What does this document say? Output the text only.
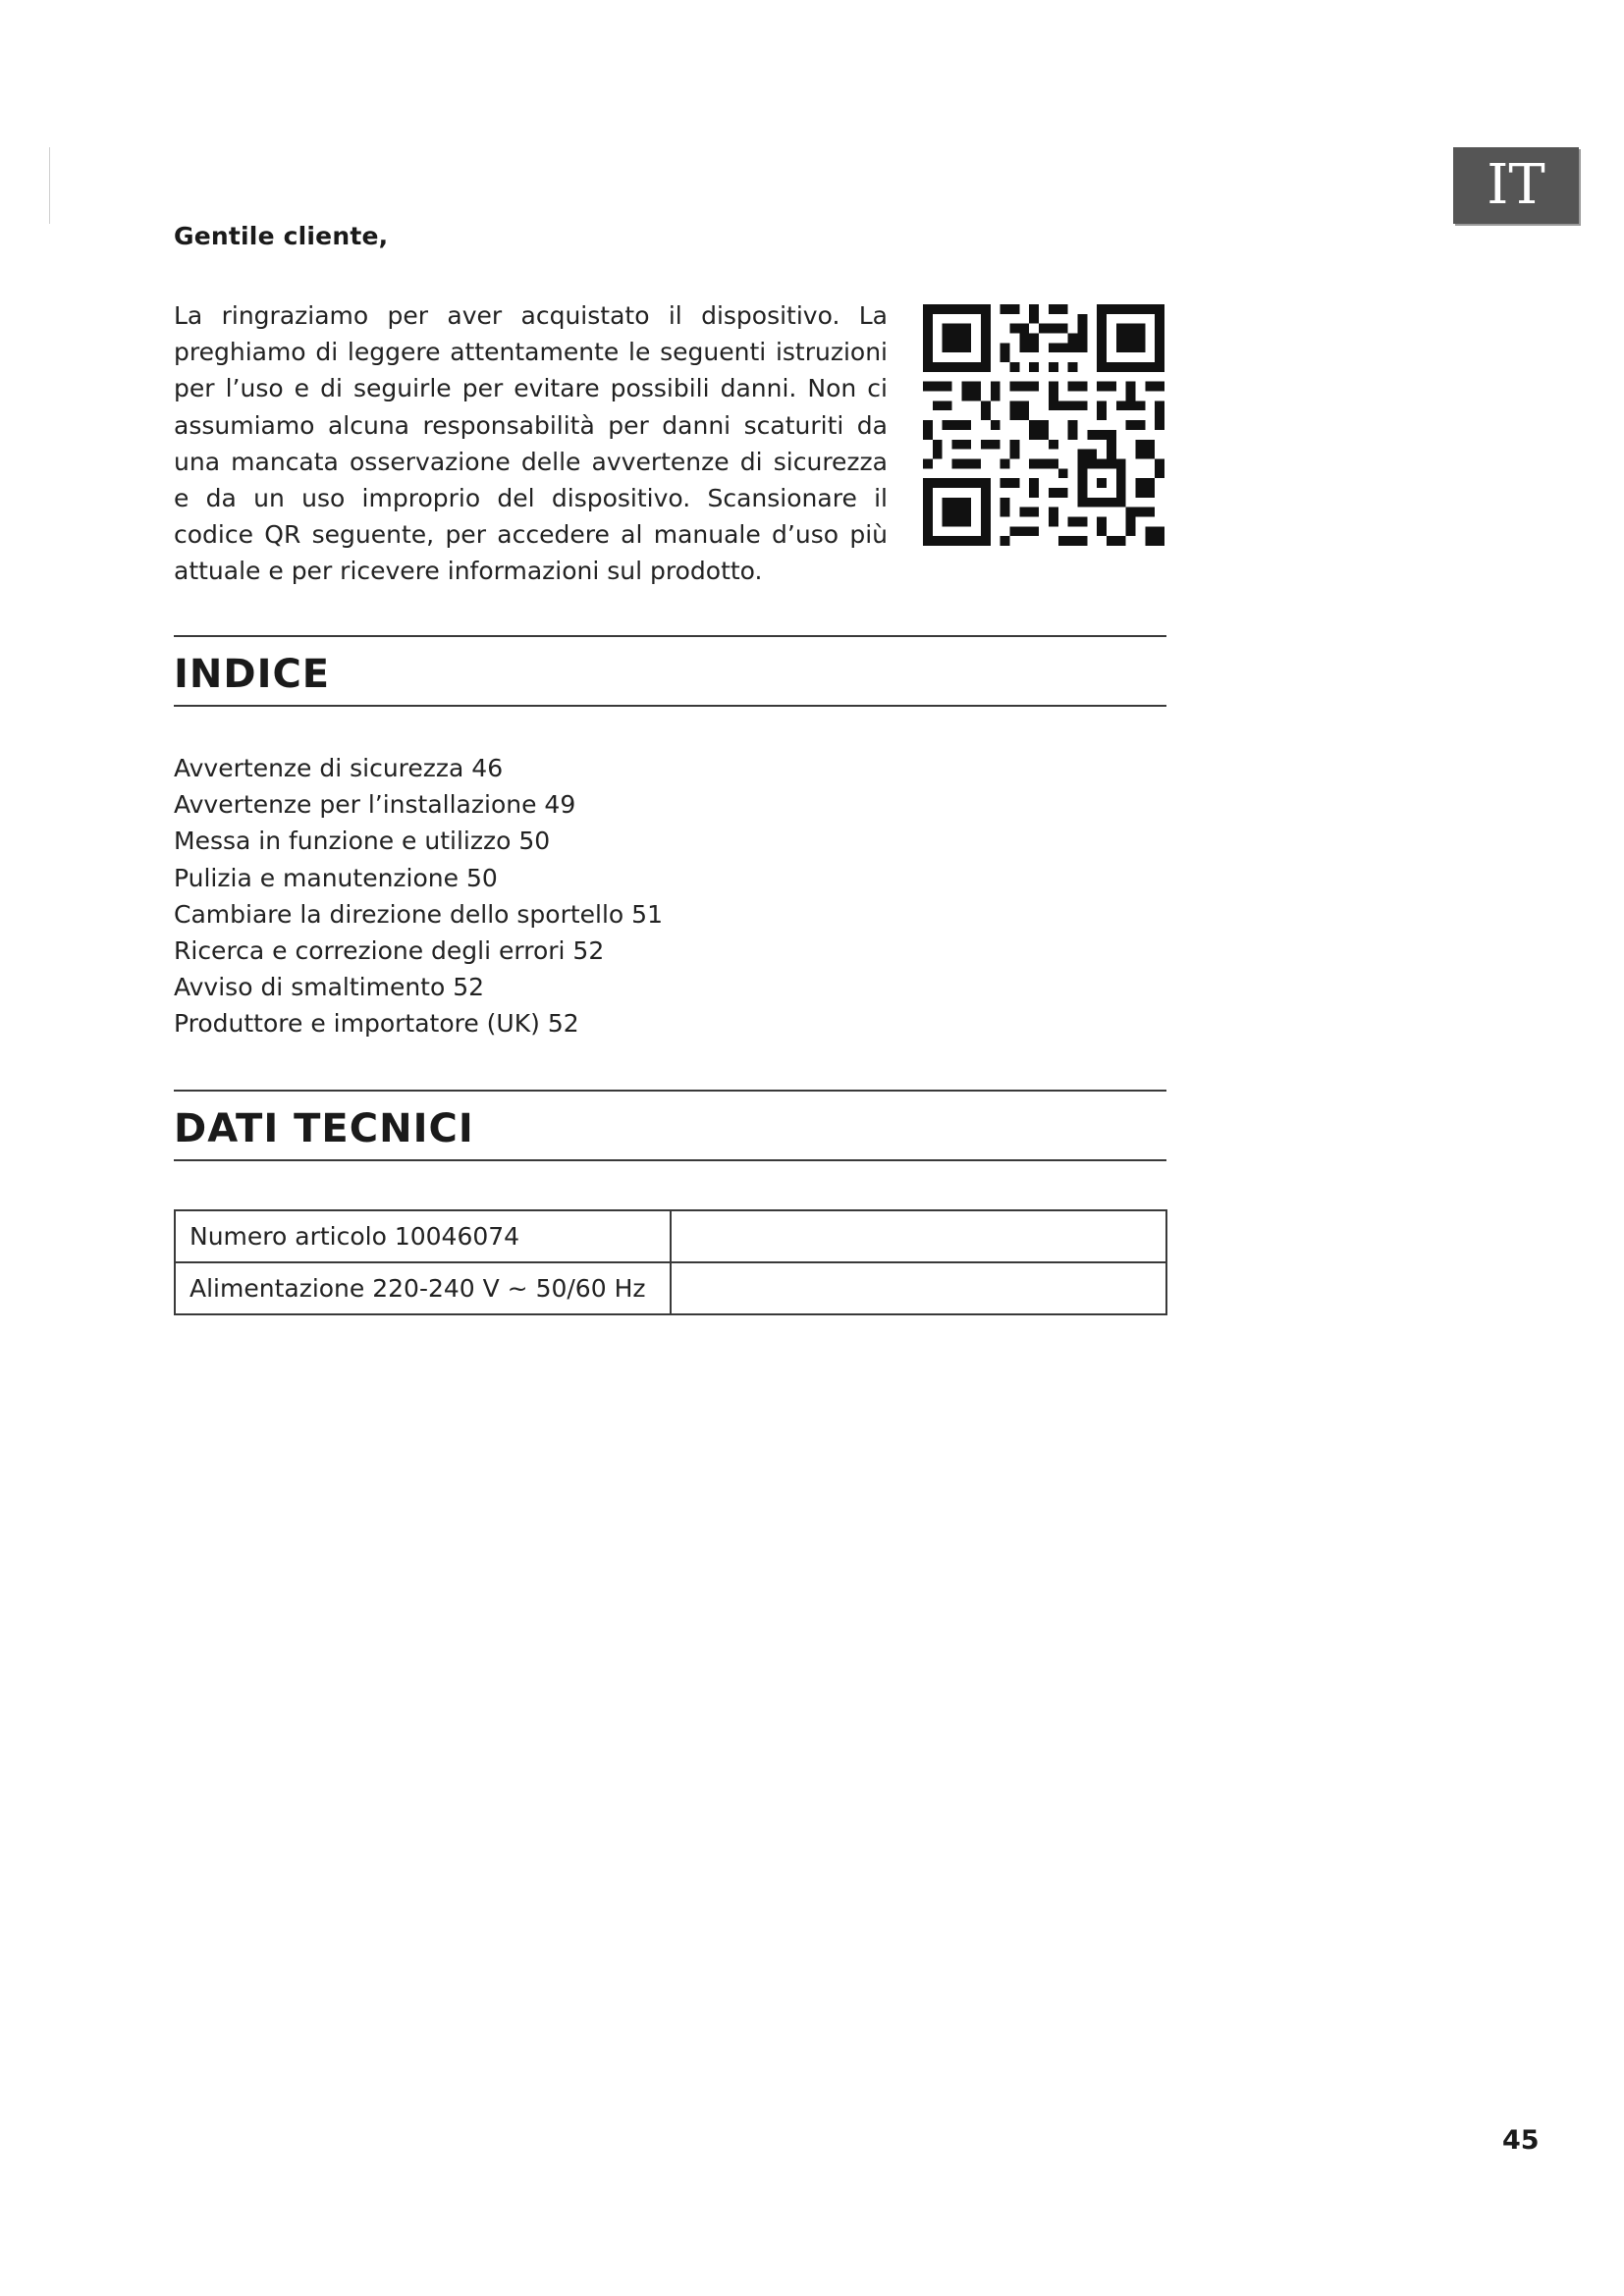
IT
Gentile cliente,

La ringraziamo per aver acquistato il dispositivo. La preghiamo di leggere attentamente le seguenti istruzioni per l’uso e di seguirle per evitare possibili danni. Non ci assumiamo alcuna responsabilità per danni scaturiti da una mancata osservazione delle avvertenze di sicurezza e da un uso improprio del dispositivo. Scansionare il codice QR seguente, per accedere al manuale d’uso più attuale e per ricevere informazioni sul prodotto.

INDICE
Avvertenze di sicurezza 46
Avvertenze per l’installazione 49
Messa in funzione e utilizzo 50
Pulizia e manutenzione 50
Cambiare la direzione dello sportello 51
Ricerca e correzione degli errori 52
Avviso di smaltimento 52
Produttore e importatore (UK) 52
DATI TECNICI
Numero articolo 10046074	
Alimentazione 220-240 V ~ 50/60 Hz	
45
